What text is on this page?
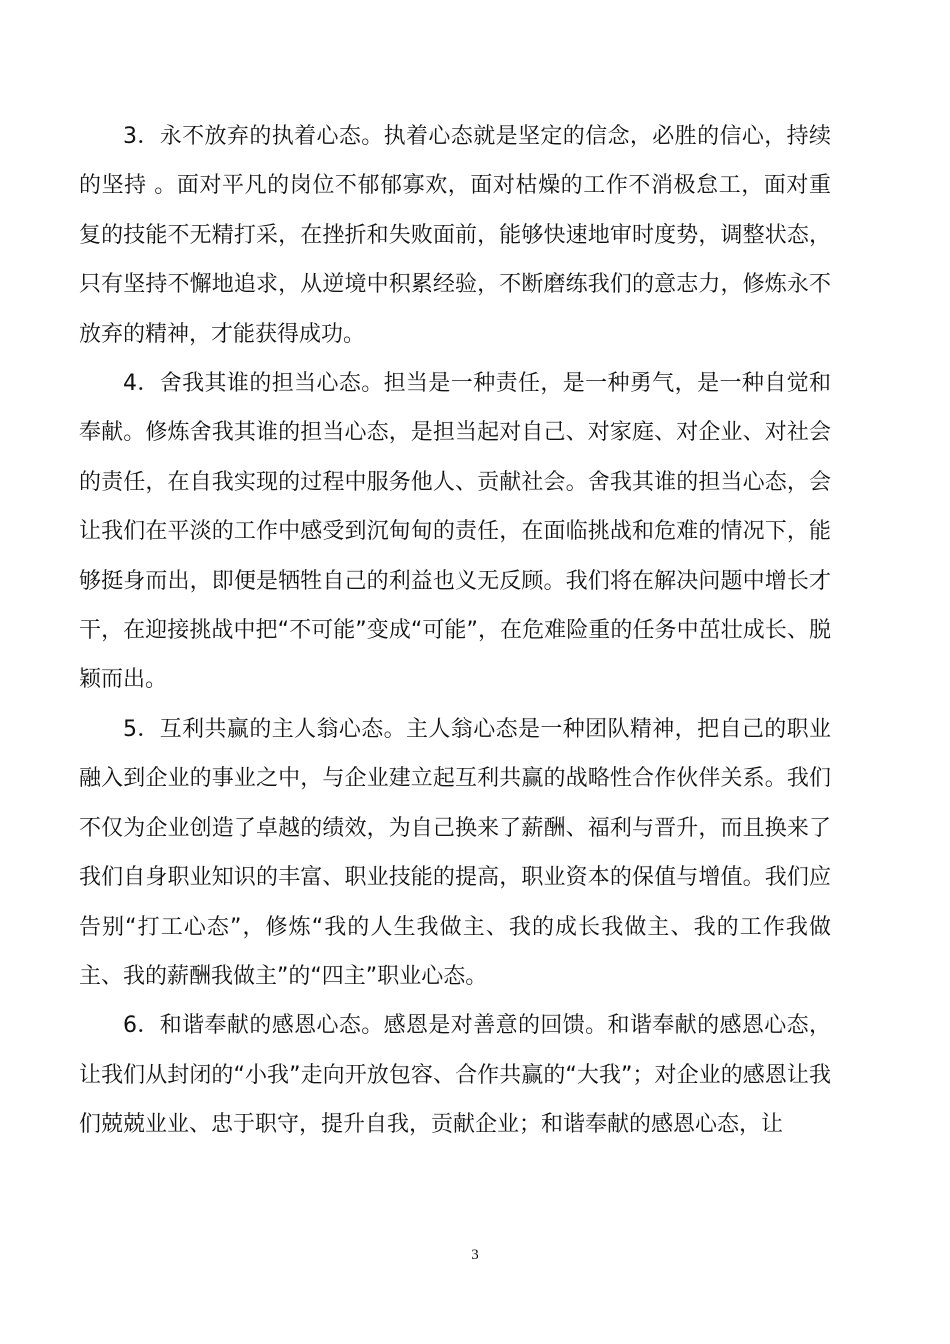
3．永不放弃的执着心态。执着心态就是坚定的信念，必胜的信心，持续的坚持 。面对平凡的岗位不郁郁寡欢，面对枯燥的工作不消极怠工，面对重复的技能不无精打采，在挫折和失败面前，能够快速地审时度势，调整状态，只有坚持不懈地追求，从逆境中积累经验，不断磨练我们的意志力，修炼永不放弃的精神，才能获得成功。

4．舍我其谁的担当心态。担当是一种责任，是一种勇气，是一种自觉和奉献。修炼舍我其谁的担当心态，是担当起对自己、对家庭、对企业、对社会的责任，在自我实现的过程中服务他人、贡献社会。舍我其谁的担当心态，会让我们在平淡的工作中感受到沉甸甸的责任，在面临挑战和危难的情况下，能够挺身而出，即便是牺牲自己的利益也义无反顾。我们将在解决问题中增长才干，在迎接挑战中把“不可能”变成“可能”，在危难险重的任务中茁壮成长、脱颖而出。

5．互利共赢的主人翁心态。主人翁心态是一种团队精神，把自己的职业融入到企业的事业之中，与企业建立起互利共赢的战略性合作伙伴关系。我们不仅为企业创造了卓越的绩效，为自己换来了薪酬、福利与晋升，而且换来了我们自身职业知识的丰富、职业技能的提高，职业资本的保值与增值。我们应告别“打工心态”，修炼“我的人生我做主、我的成长我做主、我的工作我做主、我的薪酬我做主”的“四主”职业心态。

6．和谐奉献的感恩心态。感恩是对善意的回馈。和谐奉献的感恩心态，让我们从封闭的“小我”走向开放包容、合作共赢的“大我”；对企业的感恩让我们兢兢业业、忠于职守，提升自我，贡献企业；和谐奉献的感恩心态，让

3
